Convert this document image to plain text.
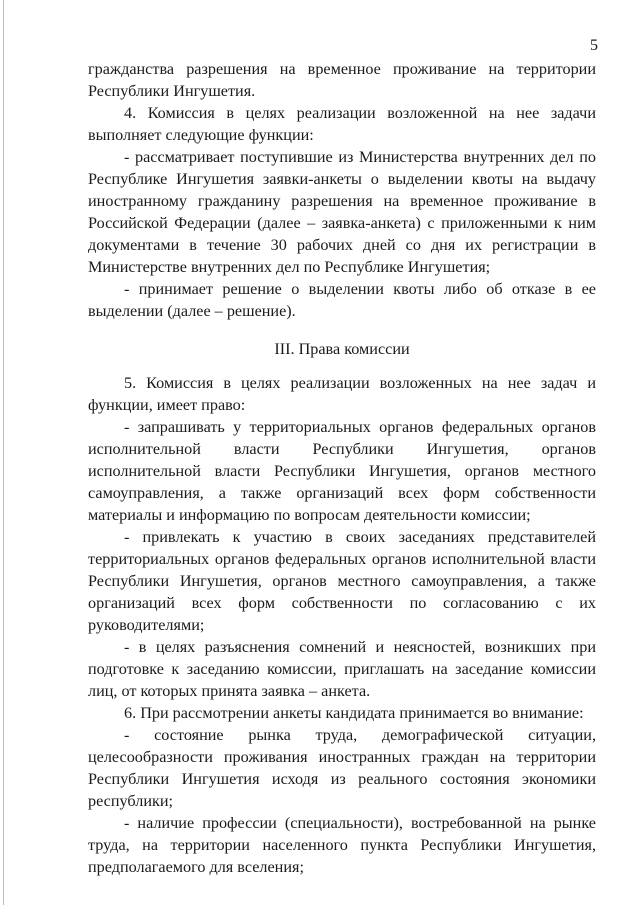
5

гражданства разрешения на временное проживание на территории Республики Ингушетия.

4. Комиссия в целях реализации возложенной на нее задачи выполняет следующие функции:

- рассматривает поступившие из Министерства внутренних дел по Республике Ингушетия заявки-анкеты о выделении квоты на выдачу иностранному гражданину разрешения на временное проживание в Российской Федерации (далее – заявка-анкета) с приложенными к ним документами в течение 30 рабочих дней со дня их регистрации в Министерстве внутренних дел по Республике Ингушетия;

- принимает решение о выделении квоты либо об отказе в ее выделении (далее – решение).

III. Права комиссии

5. Комиссия в целях реализации возложенных на нее задач и функции, имеет право:

- запрашивать у территориальных органов федеральных органов исполнительной власти Республики Ингушетия, органов исполнительной власти Республики Ингушетия, органов местного самоуправления, а также организаций всех форм собственности материалы и информацию по вопросам деятельности комиссии;

- привлекать к участию в своих заседаниях представителей территориальных органов федеральных органов исполнительной власти Республики Ингушетия, органов местного самоуправления, а также организаций всех форм собственности по согласованию с их руководителями;

- в целях разъяснения сомнений и неясностей, возникших при подготовке к заседанию комиссии, приглашать на заседание комиссии лиц, от которых принята заявка – анкета.

6. При рассмотрении анкеты кандидата принимается во внимание:

- состояние рынка труда, демографической ситуации, целесообразности проживания иностранных граждан на территории Республики Ингушетия исходя из реального состояния экономики республики;

- наличие профессии (специальности), востребованной на рынке труда, на территории населенного пункта Республики Ингушетия, предполагаемого для вселения;
